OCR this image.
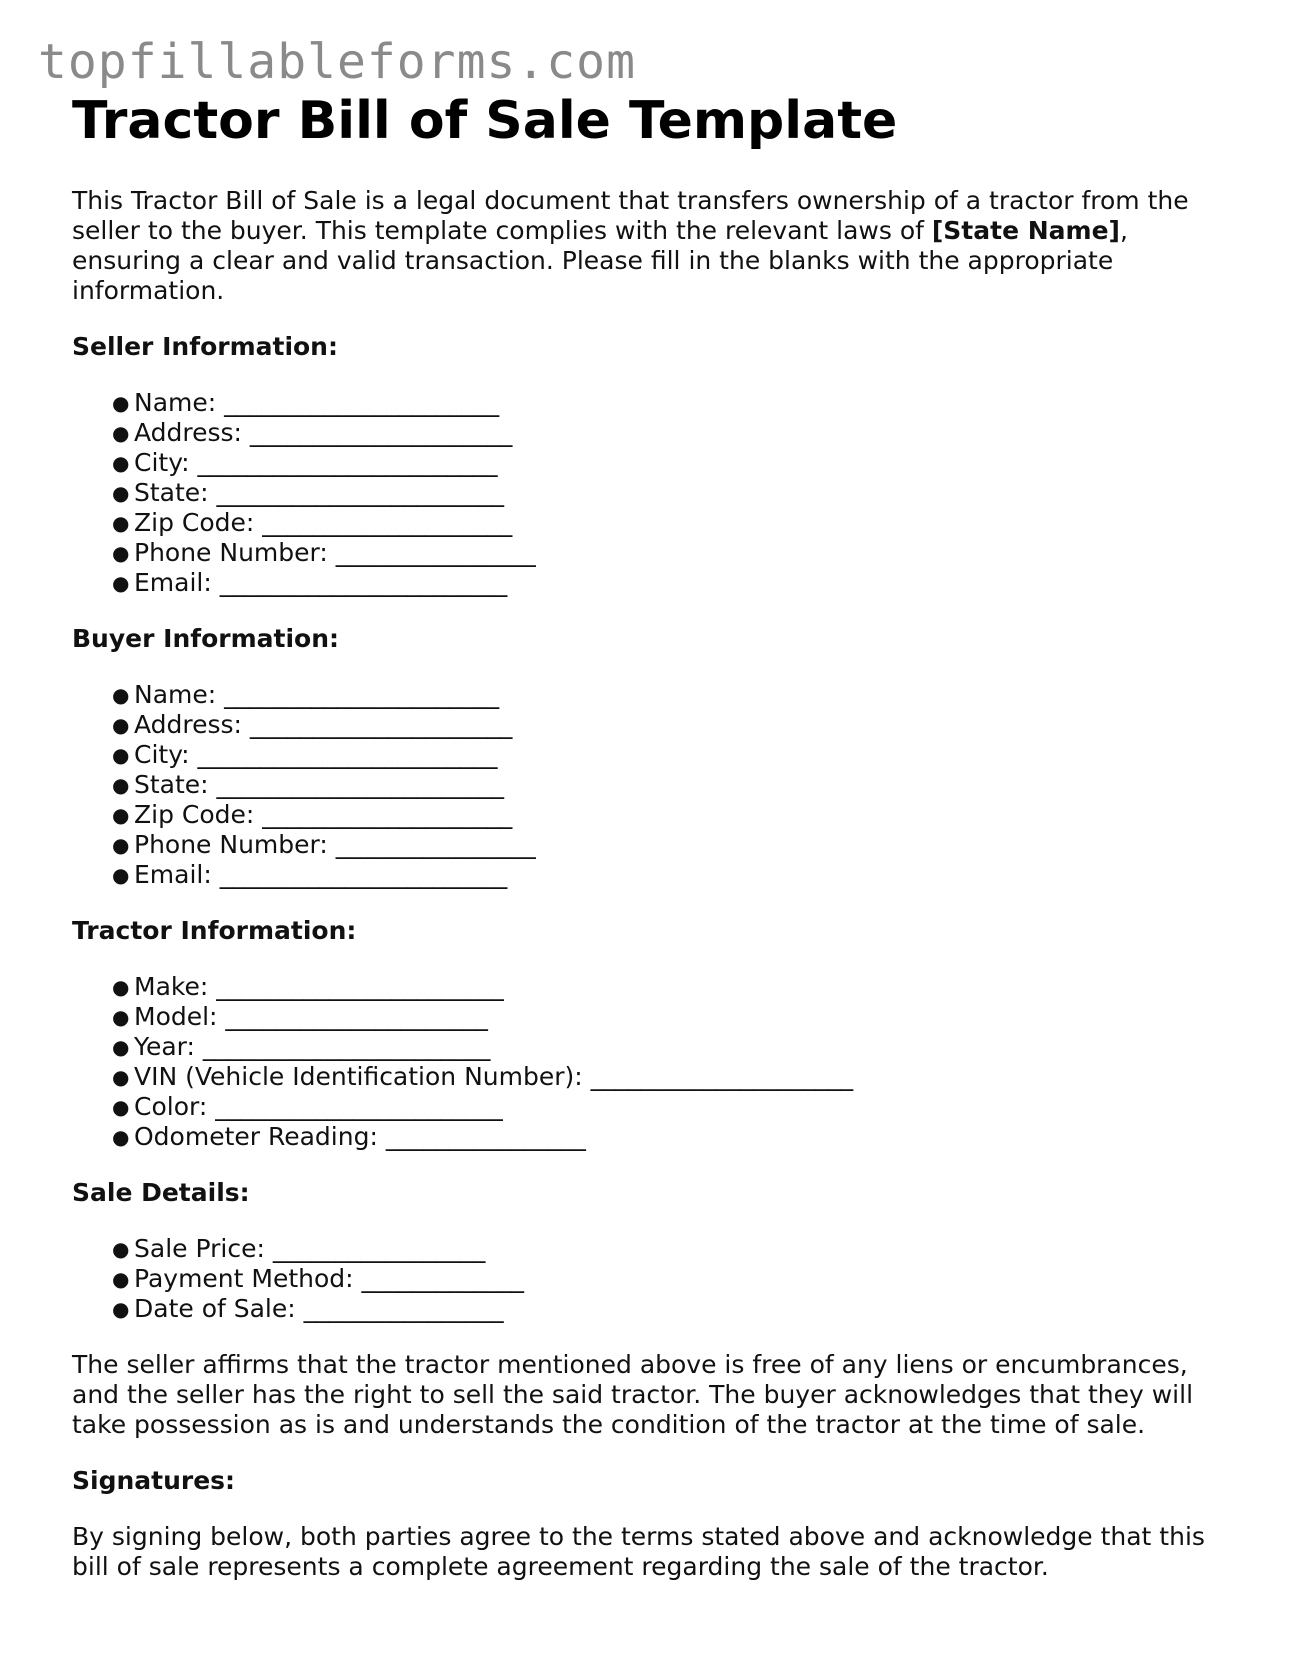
topfillableforms.com
Tractor Bill of Sale Template

This Tractor Bill of Sale is a legal document that transfers ownership of a tractor from the seller to the buyer. This template complies with the relevant laws of [State Name], ensuring a clear and valid transaction. Please fill in the blanks with the appropriate information.

Seller Information:
● Name: ______________________
● Address: _____________________
● City: ________________________
● State: _______________________
● Zip Code: ____________________
● Phone Number: ________________
● Email: _______________________
Buyer Information:
● Name: ______________________
● Address: _____________________
● City: ________________________
● State: _______________________
● Zip Code: ____________________
● Phone Number: ________________
● Email: _______________________
Tractor Information:
● Make: _______________________
● Model: _____________________
● Year: _______________________
● VIN (Vehicle Identification Number): _____________________
● Color: _______________________
● Odometer Reading: ________________
Sale Details:
● Sale Price: _________________
● Payment Method: _____________
● Date of Sale: ________________

The seller affirms that the tractor mentioned above is free of any liens or encumbrances, and the seller has the right to sell the said tractor. The buyer acknowledges that they will take possession as is and understands the condition of the tractor at the time of sale.

Signatures:

By signing below, both parties agree to the terms stated above and acknowledge that this bill of sale represents a complete agreement regarding the sale of the tractor.
